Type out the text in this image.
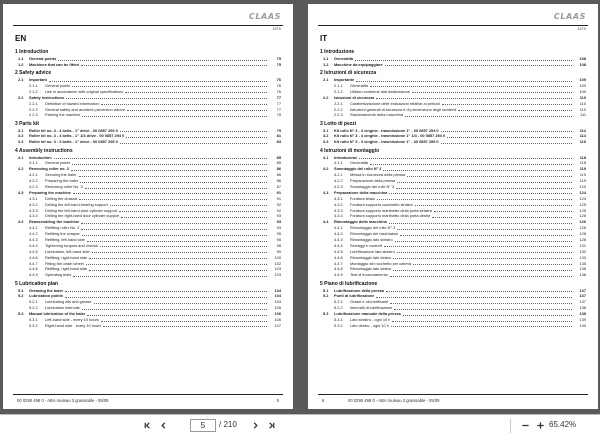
CLAAS
107X
EN
1 Introduction
1.1	General points	75
1.2	Machines that can be fitted	75
2 Safety advice
2.1	Important	76
2.1.1	General points	76
2.1.2	Use in accordance with original specifications	76
2.2	Safety instructions	77
2.2.1	Definition of hazard information	77
2.2.2	General safety and accident prevention advice	77
2.2.3	Parking the machine	78
3 Parts kit
3.1	Roller kit no. 3 - 4 belts - 1" drive - 00 0857 293 0	79
3.2	Roller kit no. 3 - 4 belts - 1" 1/4 drive - 00 0857 294 0	81
3.3	Roller kit no. 3 - 3 belts - 1" drive - 00 0857 295 0	83
4 Assembly instructions
4.1	Introduction	85
4.1.1	General points	85
4.2	Removing roller no. 3	86
4.2.1	Securing the baler	86
4.2.2	Preparing the baler	86
4.2.3	Removing roller No. 3	87
4.3	Preparing the machine	91
4.3.1	Drilling the chassis	91
4.3.2	Drilling the left-hand bearing support	92
4.3.3	Drilling the left-hand door cylinder support	92
4.3.4	Drilling the right-hand door cylinder support	93
4.4	Reassembling the machine	93
4.4.1	Refitting roller No. 3	93
4.4.2	Refitting the scraper	95
4.4.3	Refitting, left-hand side	95
4.4.4	Tightening torques and checks	98
4.4.5	Lubrication, left-hand side	99
4.4.6	Refitting, right-hand side	100
4.4.7	Fitting the chain wheel	102
4.4.8	Refitting, right-hand side	103
4.4.9	Operating tests	103
5 Lubrication plan
5.1	Greasing the baler	104
5.2	Lubrication points	104
5.2.1	Lubricating oils and grease	104
5.2.2	Lubrication intervals	105
5.3	Manual lubrication of the baler	106
5.3.1	Left-hand side - every 10 hours	106
5.3.2	Right-hand side - every 10 hours	107
00 0290 498 0 - ABA rouleau 3 graissable - 05/09	5
CLAAS
107X
IT
1 Introduzione
1.1	Generalità	108
1.2	Macchine da equipaggiare	108
2 Istruzioni di sicurezza
2.1	Importante	109
2.1.1	Generalità	109
2.1.2	Utilizzo conforme alla destinazione	109
2.2	Istruzioni di sicurezza	110
2.2.1	Caratterizzazione delle indicazioni relative ai pericoli	110
2.2.2	Istruzioni generali di sicurezza e di prevenzione degli incidenti	110
2.2.3	Stazionamento della macchina	111
3 Lotto di pezzi
3.1	Kit rullo N° 3 - 4 cinghie - trasmissione 1" - 00 0857 293 0	112
3.2	Kit rullo N° 3 - 4 cinghie - trasmissione 1" 1/4 - 00 0857 294 0	114
3.3	Kit rullo N° 3 - 3 cinghie - trasmissione 1" - 00 0857 295 0	116
4 Istruzioni di montaggio
4.1	Introduzione	118
4.1.1	Generalità	118
4.2	Smontaggio del rullo N° 3	119
4.2.1	Messa in sicurezza della pressa	119
4.2.2	Preparazione della pressa	119
4.2.3	Smontaggio del rullo N° 3	120
4.3	Preparazione della macchina	124
4.3.1	Foratura telaio	124
4.3.2	Foratura supporto cuscinetto sinistro	125
4.3.3	Foratura supporto martinetto della porta sinistra	125
4.3.4	Foratura supporto martinetto della porta destra	126
4.4	Rimontaggio della macchina	126
4.4.1	Rimontaggio del rullo N° 3	126
4.4.2	Rimontaggio del raschiatore	128
4.4.3	Rimontaggio lato sinistro	128
4.4.4	Serraggi e controlli	131
4.4.5	Lubrificazione lato sinistro	132
4.4.6	Rimontaggio lato destro	133
4.4.7	Montaggio del rocchetto per catena	135
4.4.8	Rimontaggio lato destro	136
4.4.9	Test di funzionamento	136
5 Piano di lubrificazione
5.1	Lubrificazione della pressa	137
5.2	Punti di lubrificazione	137
5.2.1	Grassi e oli lubrificanti	137
5.2.2	Intervalli di lubrificazione	138
5.3	Lubrificazione manuale della pressa	139
5.3.1	Lato sinistro - ogni 10 h	139
5.3.2	Lato destro - ogni 10 h	140
6	00 0290 498 0 - ABA rouleau 3 graissable - 05/09
5
/ 210	65.42%
